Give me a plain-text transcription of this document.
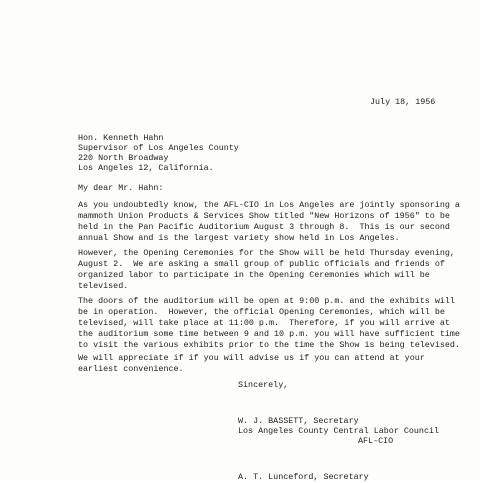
July 18, 1956
Hon. Kenneth Hahn
Supervisor of Los Angeles County
220 North Broadway
Los Angeles 12, California.
My dear Mr. Hahn:
As you undoubtedly know, the AFL-CIO in Los Angeles are jointly sponsoring a
mammoth Union Products & Services Show titled "New Horizons of 1956" to be
held in the Pan Pacific Auditorium August 3 through 8.  This is our second
annual Show and is the largest variety show held in Los Angeles.
However, the Opening Ceremonies for the Show will be held Thursday evening,
August 2.  We are asking a small group of public officials and friends of
organized labor to participate in the Opening Ceremonies which will be
televised.
The doors of the auditorium will be open at 9:00 p.m. and the exhibits will
be in operation.  However, the official Opening Ceremonies, which will be
televised, will take place at 11:00 p.m.  Therefore, if you will arrive at
the auditorium some time between 9 and 10 p.m. you will have sufficient time
to visit the various exhibits prior to the time the Show is being televised.
We will appreciate if if you will advise us if you can attend at your
earliest convenience.
Sincerely,
W. J. BASSETT, Secretary
Los Angeles County Central Labor Council
AFL-CIO
A. T. Lunceford, Secretary
